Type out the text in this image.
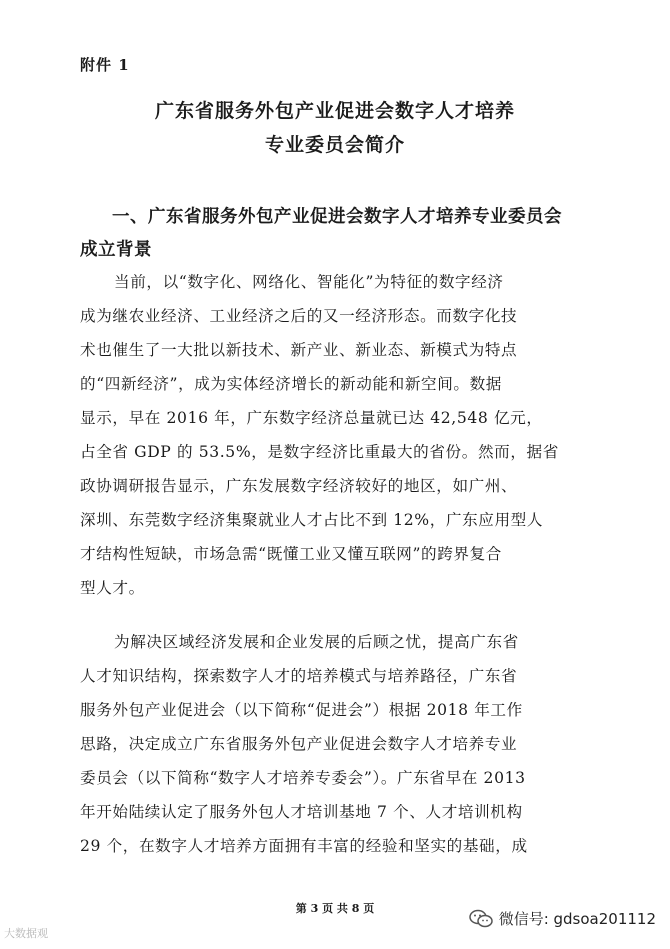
附件 1
广东省服务外包产业促进会数字人才培养
专业委员会简介
一、广东省服务外包产业促进会数字人才培养专业委员会
成立背景
当前，以“数字化、网络化、智能化”为特征的数字经济
成为继农业经济、工业经济之后的又一经济形态。而数字化技
术也催生了一大批以新技术、新产业、新业态、新模式为特点
的“四新经济”，成为实体经济增长的新动能和新空间。数据
显示，早在 2016 年，广东数字经济总量就已达 42,548 亿元，
占全省 GDP 的 53.5%，是数字经济比重最大的省份。然而，据省
政协调研报告显示，广东发展数字经济较好的地区，如广州、
深圳、东莞数字经济集聚就业人才占比不到 12%，广东应用型人
才结构性短缺，市场急需“既懂工业又懂互联网”的跨界复合
型人才。
为解决区域经济发展和企业发展的后顾之忧，提高广东省
人才知识结构，探索数字人才的培养模式与培养路径，广东省
服务外包产业促进会（以下简称“促进会”）根据 2018 年工作
思路，决定成立广东省服务外包产业促进会数字人才培养专业
委员会（以下简称“数字人才培养专委会”）。广东省早在 2013
年开始陆续认定了服务外包人才培训基地 7 个、人才培训机构
29 个，在数字人才培养方面拥有丰富的经验和坚实的基础，成
第 3 页 共 8 页
大数据观
微信号: gdsoa201112
